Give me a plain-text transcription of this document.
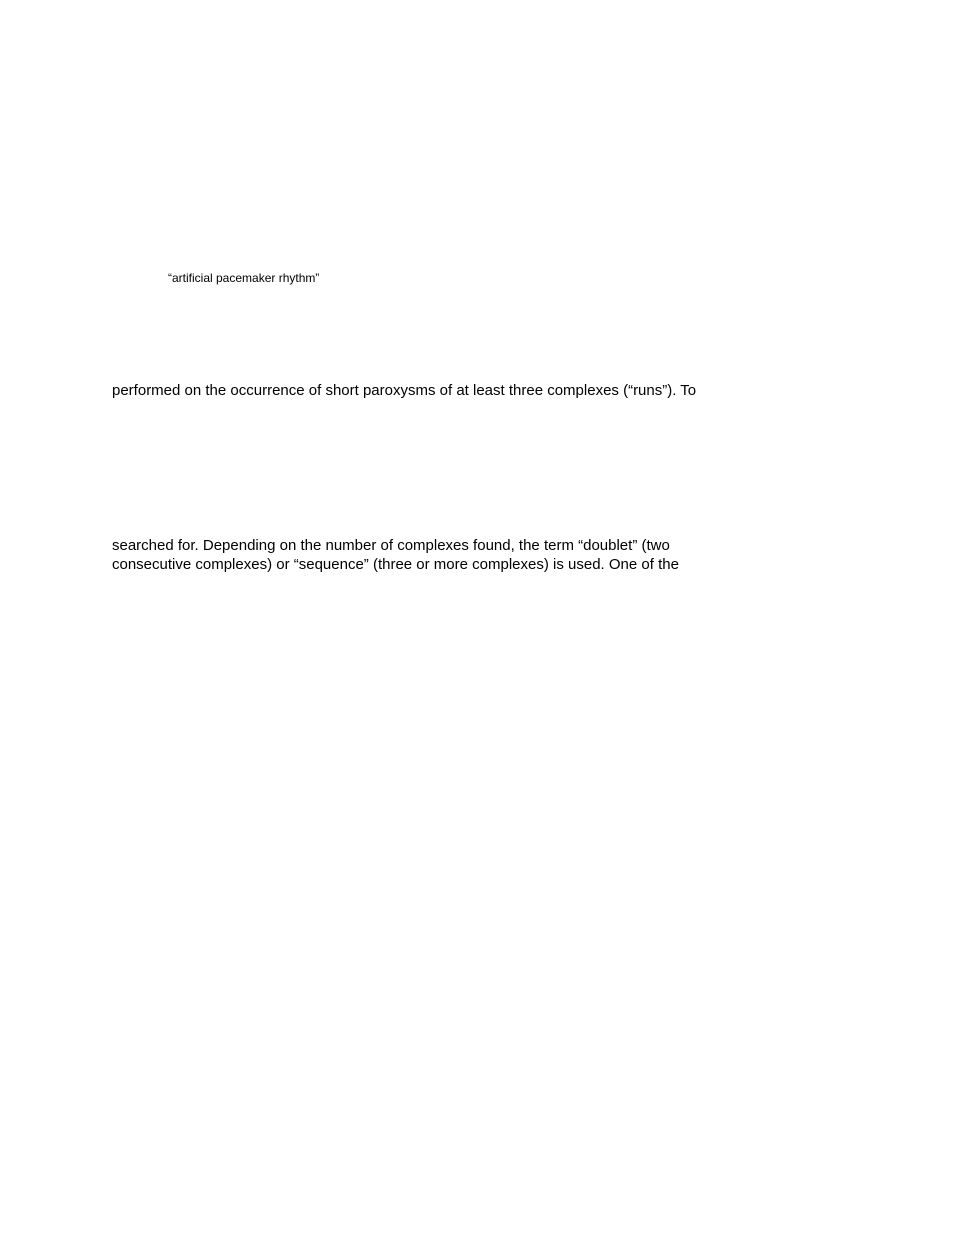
“artificial pacemaker rhythm”

performed on the occurrence of short paroxysms of at least three complexes (“runs”). To

searched for. Depending on the number of complexes found, the term “doublet” (two

consecutive complexes) or “sequence” (three or more complexes) is used. One of the
